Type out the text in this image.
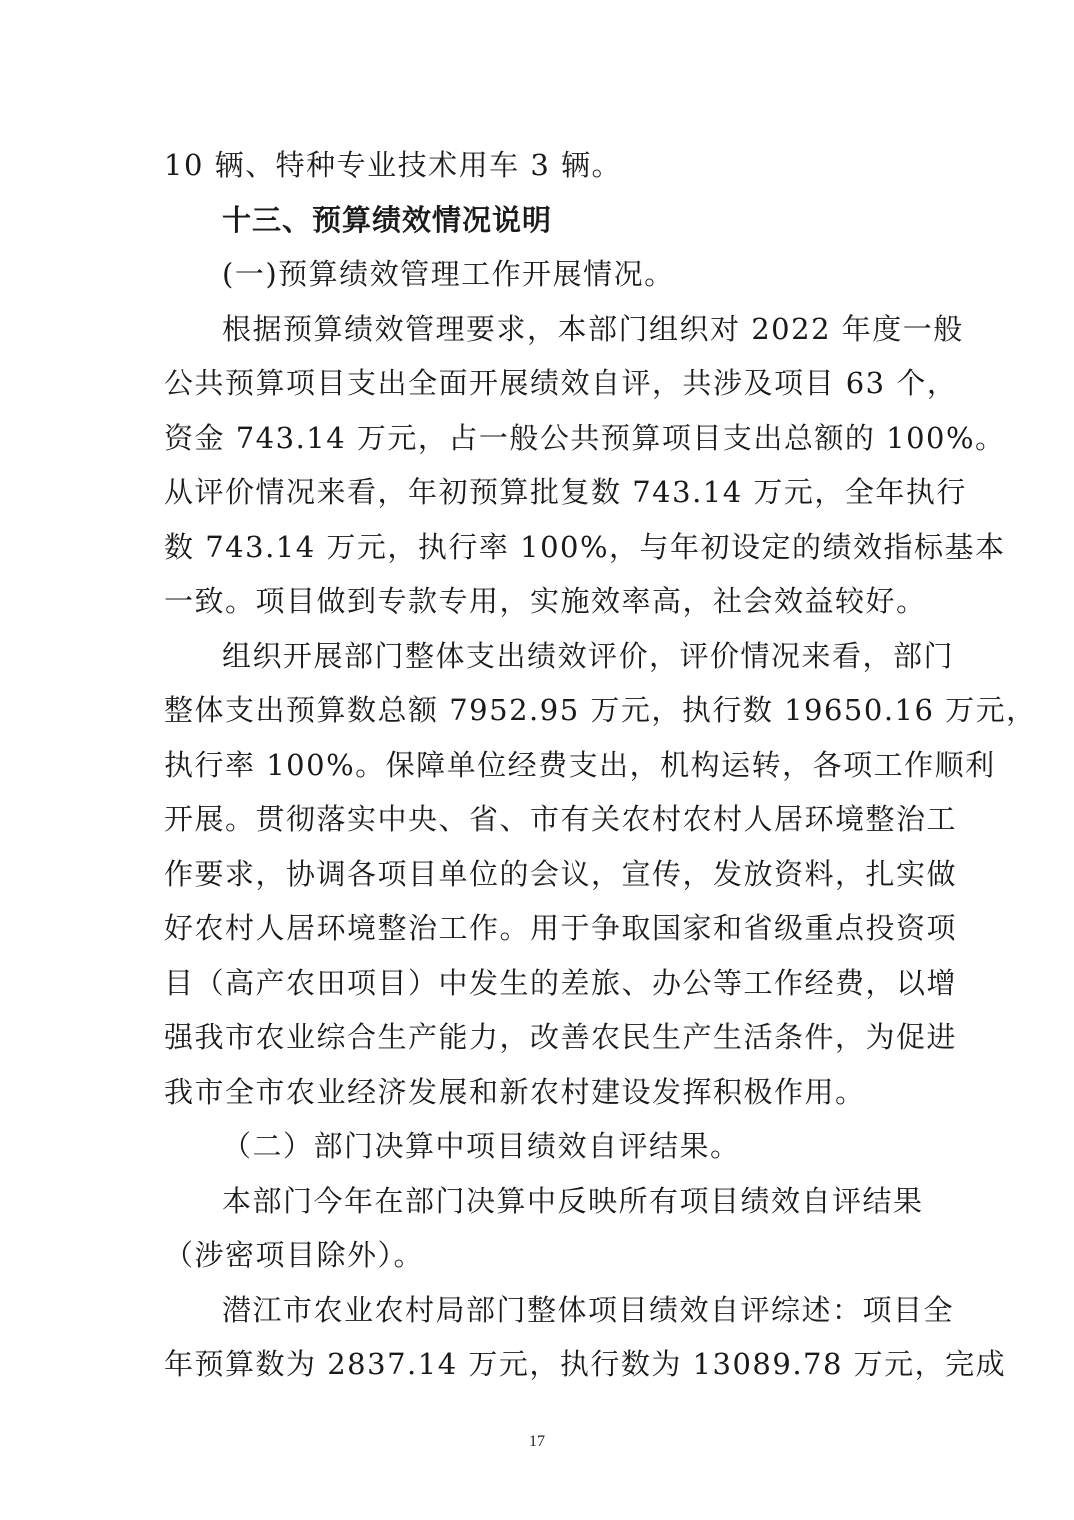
10 辆、特种专业技术用车 3 辆。
十三、预算绩效情况说明
(一)预算绩效管理工作开展情况。
根据预算绩效管理要求，本部门组织对 2022 年度一般
公共预算项目支出全面开展绩效自评，共涉及项目 63 个，
资金 743.14 万元，占一般公共预算项目支出总额的 100%。
从评价情况来看，年初预算批复数 743.14 万元，全年执行
数 743.14 万元，执行率 100%，与年初设定的绩效指标基本
一致。项目做到专款专用，实施效率高，社会效益较好。
组织开展部门整体支出绩效评价，评价情况来看，部门
整体支出预算数总额 7952.95 万元，执行数 19650.16 万元，
执行率 100%。保障单位经费支出，机构运转，各项工作顺利
开展。贯彻落实中央、省、市有关农村农村人居环境整治工
作要求，协调各项目单位的会议，宣传，发放资料，扎实做
好农村人居环境整治工作。用于争取国家和省级重点投资项
目（高产农田项目）中发生的差旅、办公等工作经费，以增
强我市农业综合生产能力，改善农民生产生活条件，为促进
我市全市农业经济发展和新农村建设发挥积极作用。
（二）部门决算中项目绩效自评结果。
本部门今年在部门决算中反映所有项目绩效自评结果
（涉密项目除外）。
潜江市农业农村局部门整体项目绩效自评综述：项目全
年预算数为 2837.14 万元，执行数为 13089.78 万元，完成
17
